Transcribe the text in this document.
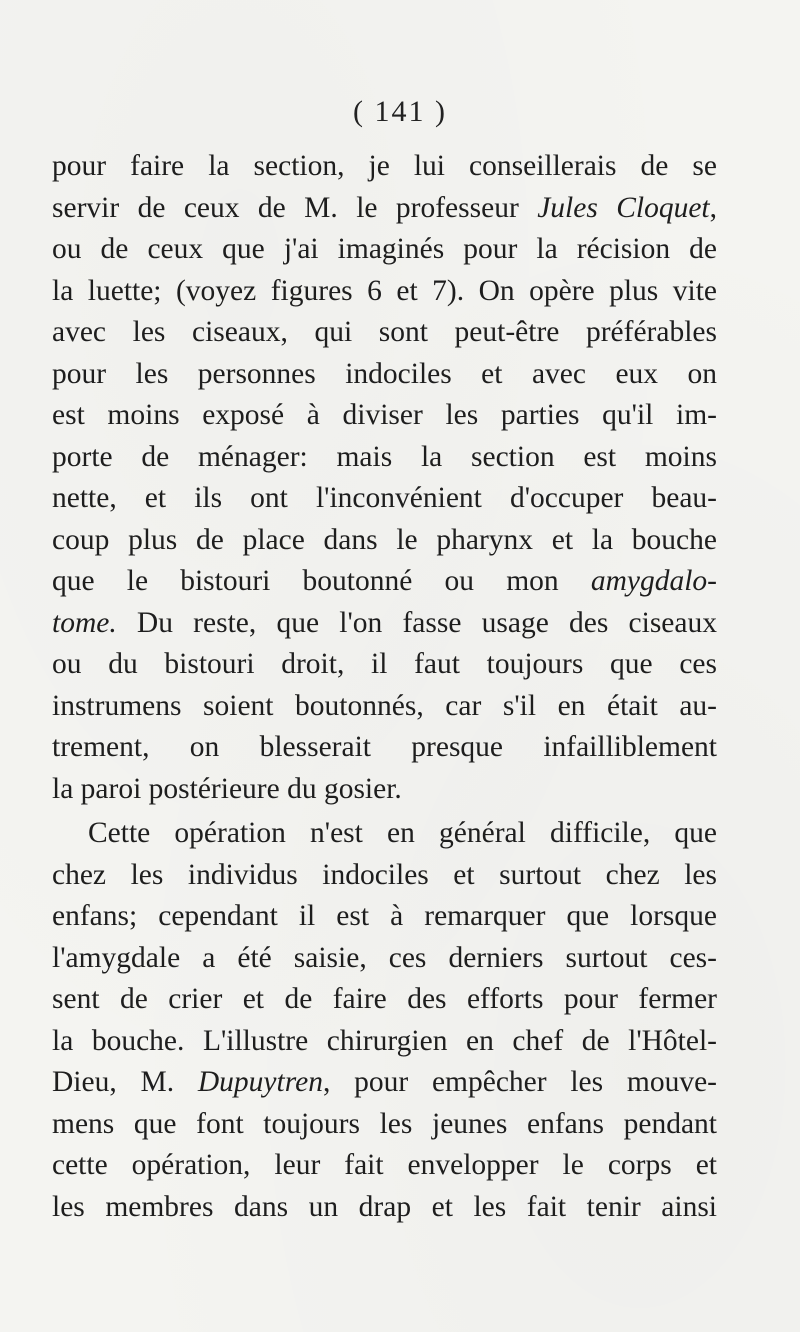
( 141 )
pour faire la section, je lui conseillerais de se
servir de ceux de M. le professeur Jules Cloquet,
ou de ceux que j'ai imaginés pour la récision de
la luette; (voyez figures 6 et 7). On opère plus vite
avec les ciseaux, qui sont peut-être préférables
pour les personnes indociles et avec eux on
est moins exposé à diviser les parties qu'il im-
porte de ménager: mais la section est moins
nette, et ils ont l'inconvénient d'occuper beau-
coup plus de place dans le pharynx et la bouche
que le bistouri boutonné ou mon amygdalo-
tome. Du reste, que l'on fasse usage des ciseaux
ou du bistouri droit, il faut toujours que ces
instrumens soient boutonnés, car s'il en était au-
trement, on blesserait presque infailliblement
la paroi postérieure du gosier.
Cette opération n'est en général difficile, que
chez les individus indociles et surtout chez les
enfans; cependant il est à remarquer que lorsque
l'amygdale a été saisie, ces derniers surtout ces-
sent de crier et de faire des efforts pour fermer
la bouche. L'illustre chirurgien en chef de l'Hôtel-
Dieu, M. Dupuytren, pour empêcher les mouve-
mens que font toujours les jeunes enfans pendant
cette opération, leur fait envelopper le corps et
les membres dans un drap et les fait tenir ainsi
